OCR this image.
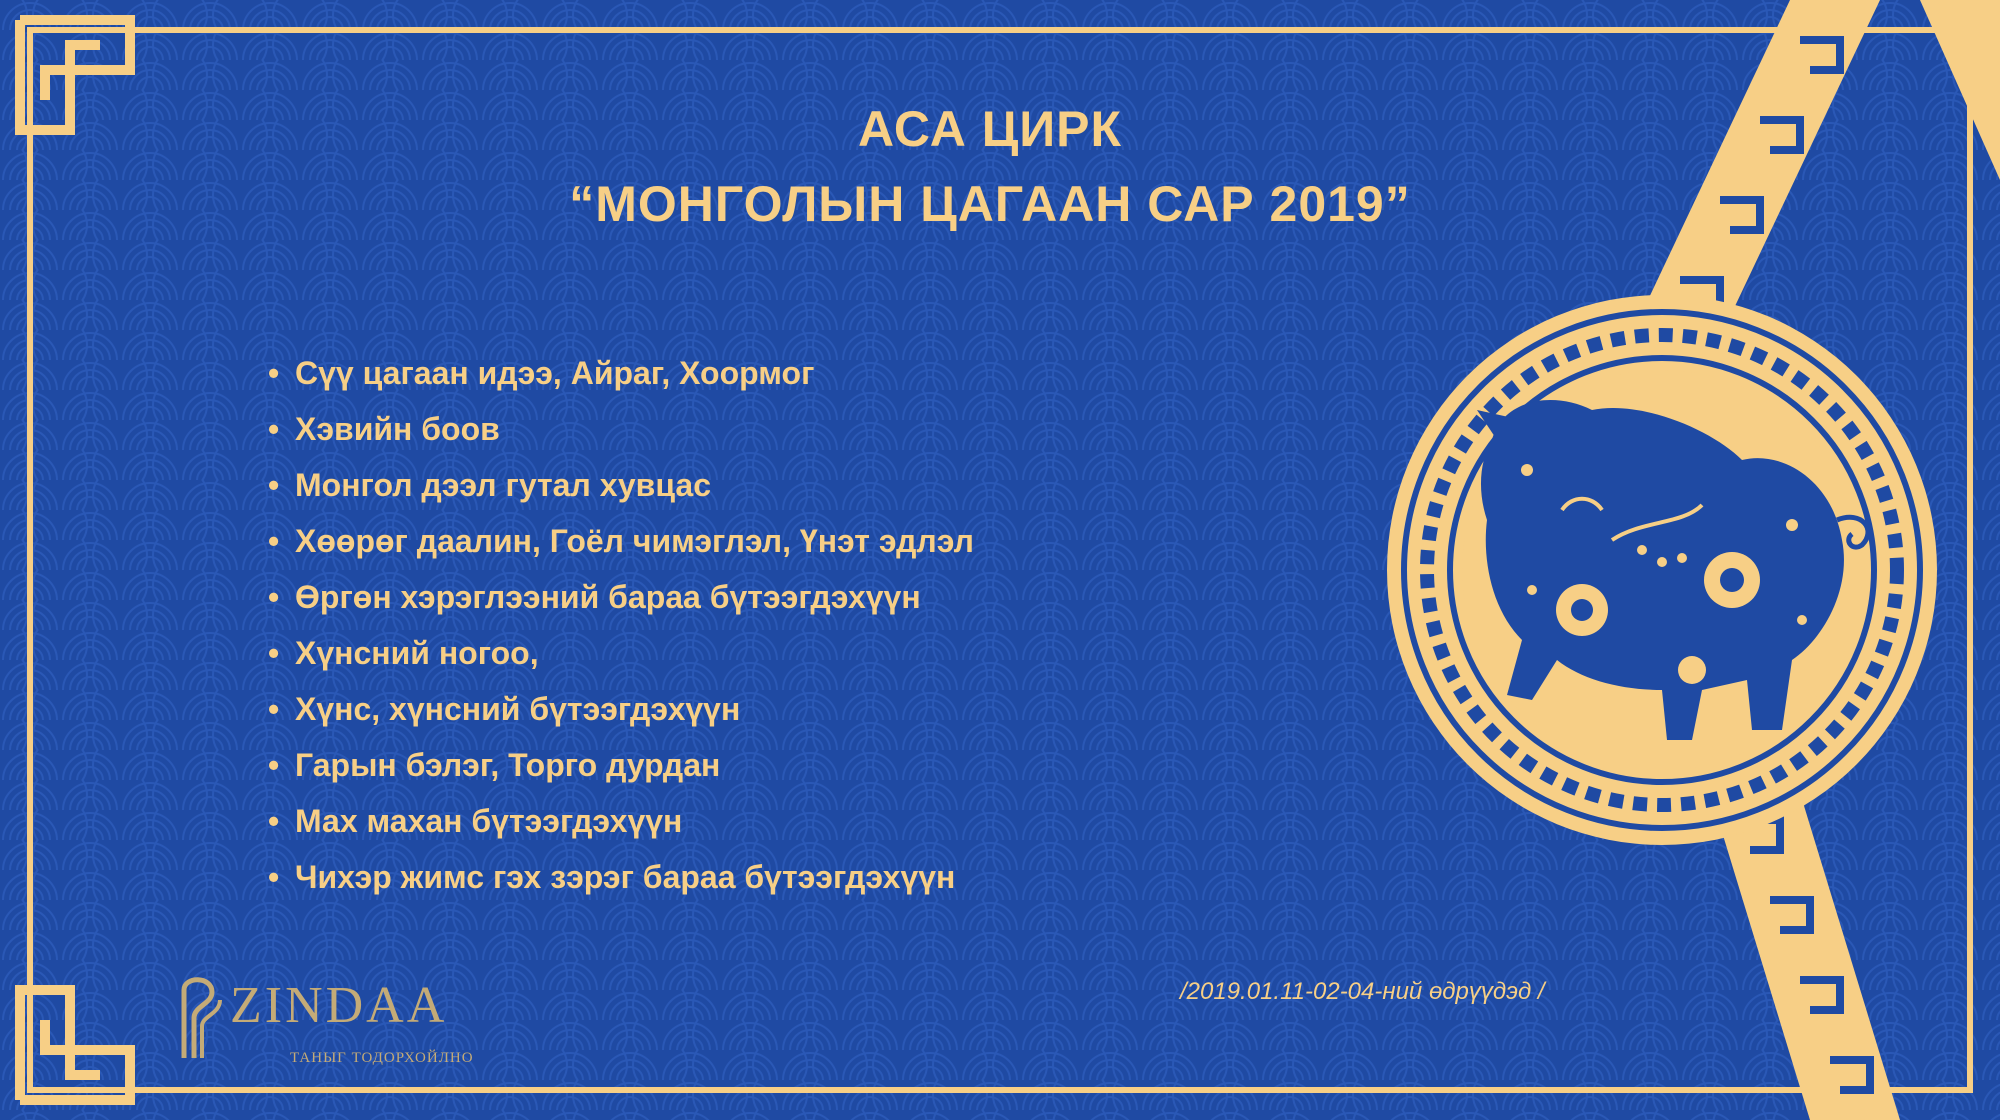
АСА ЦИРК
“МОНГОЛЫН ЦАГААН САР 2019”
• Сүү цагаан идээ, Айраг, Хоормог
• Хэвийн боов
• Монгол дээл гутал хувцас
• Хөөрөг даалин, Гоёл чимэглэл, Үнэт эдлэл
• Өргөн хэрэглээний бараа бүтээгдэхүүн
• Хүнсний ногоо,
• Хүнс, хүнсний бүтээгдэхүүн
• Гарын бэлэг, Торго дурдан
• Мах махан бүтээгдэхүүн
• Чихэр жимс гэх зэрэг бараа бүтээгдэхүүн
/2019.01.11-02-04-ний өдрүүдэд /
ZINDAA
ТАНЫГ ТОДОРХОЙЛНО
